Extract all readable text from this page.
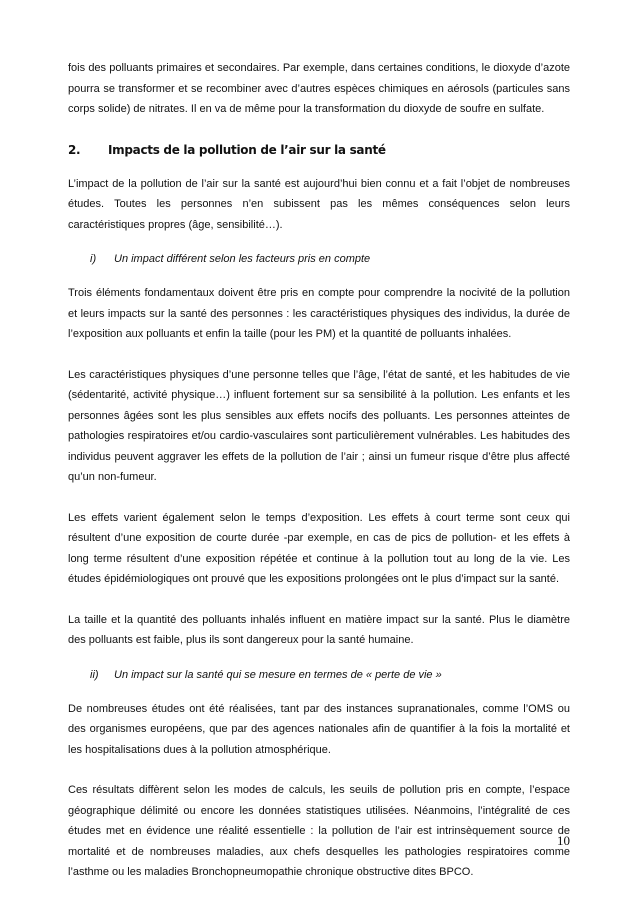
fois des polluants primaires et secondaires. Par exemple, dans certaines conditions, le dioxyde d’azote pourra se transformer et se recombiner avec d’autres espèces chimiques en aérosols (particules sans corps solide) de nitrates. Il en va de même pour la transformation du dioxyde de soufre en sulfate.

2.	Impacts de la pollution de l’air sur la santé

L’impact de la pollution de l’air sur la santé est aujourd’hui bien connu et a fait l’objet de nombreuses études. Toutes les personnes n’en subissent pas les mêmes conséquences selon leurs caractéristiques propres (âge, sensibilité…).

i)	Un impact différent selon les facteurs pris en compte

Trois éléments fondamentaux doivent être pris en compte pour comprendre la nocivité de la pollution et leurs impacts sur la santé des personnes : les caractéristiques physiques des individus, la durée de l’exposition aux polluants et enfin la taille (pour les PM) et la quantité de polluants inhalées.

Les caractéristiques physiques d’une personne telles que l’âge, l’état de santé, et les habitudes de vie (sédentarité, activité physique…) influent fortement sur sa sensibilité à la pollution. Les enfants et les personnes âgées sont les plus sensibles aux effets nocifs des polluants. Les personnes atteintes de pathologies respiratoires et/ou cardio-vasculaires sont particulièrement vulnérables. Les habitudes des individus peuvent aggraver les effets de la pollution de l’air ; ainsi un fumeur risque d’être plus affecté qu’un non-fumeur.

Les effets varient également selon le temps d’exposition. Les effets à court terme sont ceux qui résultent d’une exposition de courte durée -par exemple, en cas de pics de pollution- et les effets à long terme résultent d’une exposition répétée et continue à la pollution tout au long de la vie. Les études épidémiologiques ont prouvé que les expositions prolongées ont le plus d’impact sur la santé.

La taille et la quantité des polluants inhalés influent en matière impact sur la santé. Plus le diamètre des polluants est faible, plus ils sont dangereux pour la santé humaine.

ii)	Un impact sur la santé qui se mesure en termes de « perte de vie »

De nombreuses études ont été réalisées, tant par des instances supranationales, comme l’OMS ou des organismes européens, que par des agences nationales afin de quantifier à la fois la mortalité et les hospitalisations dues à la pollution atmosphérique.

Ces résultats diffèrent selon les modes de calculs, les seuils de pollution pris en compte, l’espace géographique délimité ou encore les données statistiques utilisées. Néanmoins, l’intégralité de ces études met en évidence une réalité essentielle : la pollution de l’air est intrinsèquement source de mortalité et de nombreuses maladies, aux chefs desquelles les pathologies respiratoires comme l’asthme ou les maladies Bronchopneumopathie chronique obstructive dites BPCO.

10
